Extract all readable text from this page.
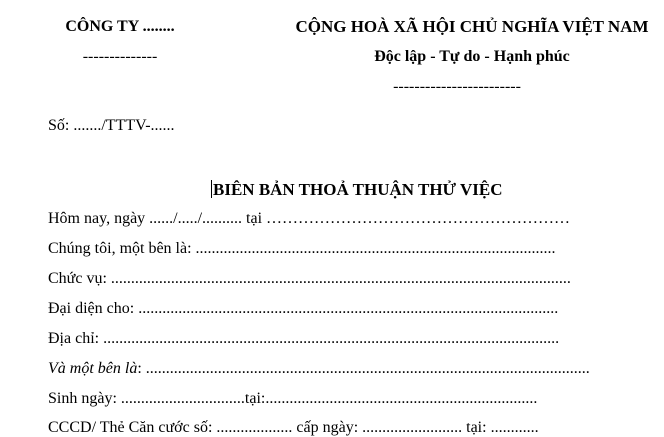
CÔNG TY ........
--------------
CỘNG HOÀ XÃ HỘI CHỦ NGHĨA VIỆT NAM
Độc lập - Tự do - Hạnh phúc
------------------------
Số: ......./TTTV-......
BIÊN BẢN THOẢ THUẬN THỬ VIỆC
Hôm nay, ngày ....../...../.......... tại …………………………………………………
Chúng tôi, một bên là: ..........................................................................................
Chức vụ: ...................................................................................................................
Đại diện cho: .........................................................................................................
Địa chỉ: ..................................................................................................................
Và một bên là: ...............................................................................................................
Sinh ngày: ...............................tại:....................................................................
CCCD/ Thẻ Căn cước số: ................... cấp ngày: ......................... tại: ............
